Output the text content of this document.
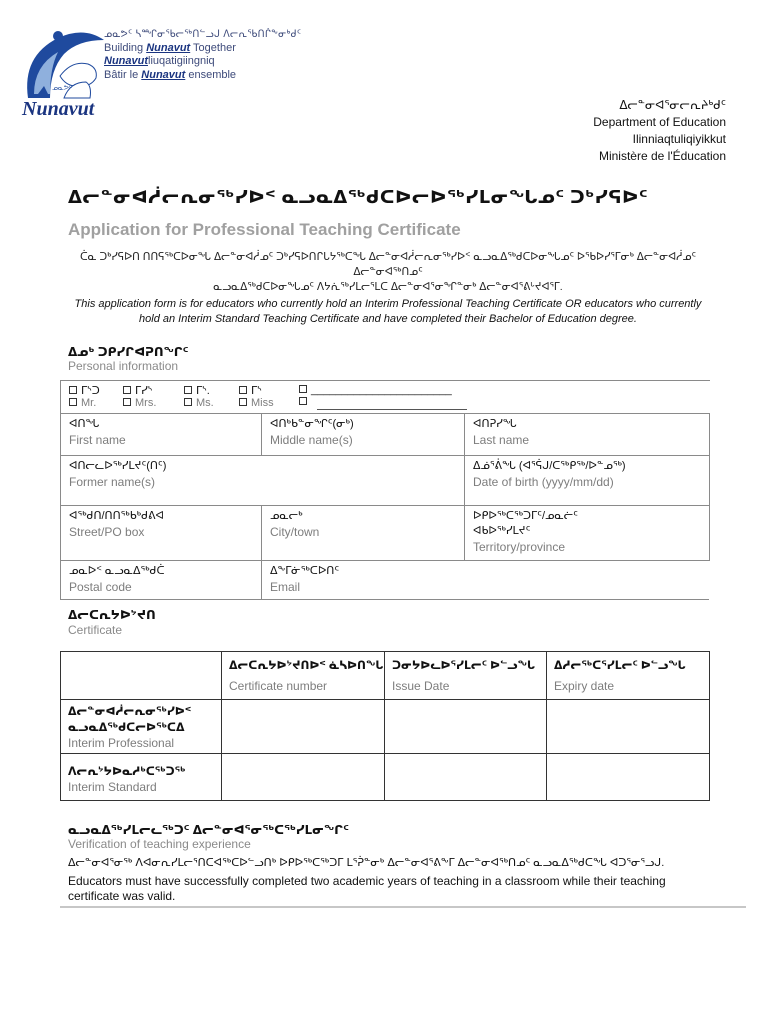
ᓄᓇᕗᑦ
Nunavut
ᓄᓇᕗᑦ ᓴᙱᓂᖃᓕᖅᑎᓪᓗᒍ ᐱᓕᕆᖃᑎᒌᖕᓂᒃᑯᑦ
Building Nunavut Together
Nunavutliuqatigiingniq
Bâtir le Nunavut ensemble
ᐃᓕᓐᓂᐊᕐᓂᓕᕆᔨᒃᑯᑦ
Department of Education
Ilinniaqtuliqiyikkut
Ministère de l'Éducation
ᐃᓕᓐᓂᐊᓲᓕᕆᓂᖅᓯᐅᑉ ᓇᓗᓇᐃᖅᑯᑕᐅᓕᐅᖅᓯᒪᓂᖓᓄᑦ ᑐᒃᓯᕋᐅᑦ
Application for Professional Teaching Certificate
ᑖᓇ ᑐᒃᓯᕋᐅᑎ ᑎᑎᕋᖅᑕᐅᓂᖓ ᐃᓕᓐᓂᐊᓲᓄᑦ ᑐᒃᓯᕋᐅᑎᒋᒐᔭᖅᑕᖓ ᐃᓕᓐᓂᐊᓲᓕᕆᓂᖅᓯᐅᑉ ᓇᓗᓇᐃᖅᑯᑕᐅᓂᖓᓄᑦ ᐅᖃᐅᓯᕐᒥᓂᒃ ᐃᓕᓐᓂᐊᓲᓄᑦ ᐃᓕᓐᓂᐊᖅᑎᓄᑦ
ᓇᓗᓇᐃᖅᑯᑕᐅᓂᖓᓄᑦ ᐱᔭᕇᖅᓯᒪᓕᕐᒪᑕ ᐃᓕᓐᓂᐊᕐᓂᖏᓐᓂᒃ ᐃᓕᓐᓂᐊᕐᕕᒡᔪᐊᕐᒥ.
This application form is for educators who currently hold an Interim Professional Teaching Certificate OR educators who currently hold an Interim Standard Teaching Certificate and have completed their Bachelor of Education degree.
ᐃᓄᒃ ᑐᑭᓯᒋᐊᕈᑎᖏᑦ
Personal information
ᒥᔅᑐ
Mr.
ᒥᓯᔅ
Mrs.
ᒥᔅ.
Ms.
ᒥᔅ
Miss
_______________________
ᐊᑎᖓ
First name
ᐊᑎᒃᑲᓐᓂᖏᑦ(ᓂᒃ)
Middle name(s)
ᐊᑎᕈᓯᖓ
Last name
ᐊᑎᓕᓚᐅᖅᓯᒪᔪᑦ(ᑎᑦ)
Former name(s)
ᐃᓅᕐᕖᖓ (ᐊᕐᕌᒍ/ᑕᖅᑭᖅ/ᐅᓐᓄᖅ)
Date of birth (yyyy/mm/dd)
ᐊᖅᑯᑎ/ᑎᑎᖅᑲᒃᑯᕕᐊ
Street/PO box
ᓄᓇᓕᒃ
City/town
ᐅᑭᐅᖅᑕᖅᑐᒥᑦ/ᓄᓇᓖᑦ
ᐊᑲᐅᖅᓯᒪᔪᑦ
Territory/province
ᓄᓇᐅᑉ ᓇᓗᓇᐃᖅᑯᑖ
Postal code
ᐃᖕᒥᓃᖅᑕᐅᑎᑦ
Email
ᐃᓕᑕᕆᔭᐅᔾᔪᑎ
Certificate
ᐃᓕᑕᕆᔭᐅᔾᔪᑎᐅᑉ ᓈᓴᐅᑎᖓ
Certificate number
ᑐᓂᔭᐅᓚᐅᕐᓯᒪᓕᑦ ᐅᓪᓗᖓ
Issue Date
ᐃᓱᓕᖅᑕᕐᓯᒪᓕᑦ ᐅᓪᓗᖓ
Expiry date
ᐃᓕᓐᓂᐊᓲᓕᕆᓂᖅᓯᐅᑉ
ᓇᓗᓇᐃᖅᑯᑕᓕᐅᖅᑕᐃ
Interim Professional
ᐱᓕᕆᔾᔭᐅᓇᓱᒃᑕᖅᑐᖅ
Interim Standard
ᓇᓗᓇᐃᖅᓯᒪᓕᓚᖅᑐᑦ ᐃᓕᓐᓂᐊᕐᓂᖅᑕᖅᓯᒪᓂᖏᑦ
Verification of teaching experience
ᐃᓕᓐᓂᐊᕐᓂᖅ ᐱᐊᓂᕆᓯᒪᓕᕐᑎᑕᐊᖅᑕᐅᓪᓗᑎᒃ ᐅᑭᐅᖅᑕᖅᑐᒥ ᒪᕐᕉᓐᓂᒃ ᐃᓕᓐᓂᐊᕐᕕᖕᒥ ᐃᓕᓐᓂᐊᖅᑎᓄᑦ ᓇᓗᓇᐃᖅᑯᑕᖓ ᐊᑐᕐᓂᕐᓗᒍ.
Educators must have successfully completed two academic years of teaching in a classroom while their teaching certificate was valid.
